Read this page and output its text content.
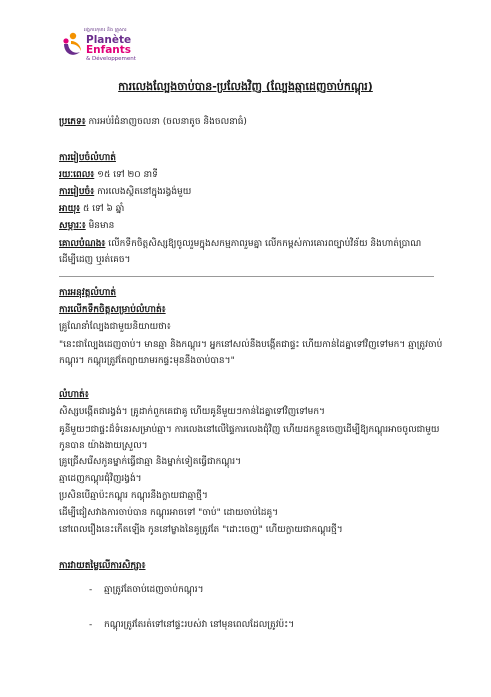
អង្គការកុមារ និង គ្រួសារ
Planète
Enfants
& Développement
ការលេងល្បែងចាប់បាន-ប្រលែងវិញ (ល្បែងឆ្មាដេញចាប់កណ្ដុរ)
ប្រភេទ៖ ការអប់រំជំនាញចលនា (ចលនាតូច និងចលនាធំ)
ការរៀបចំលំហាត់
រយៈពេល៖ ១៥ ទៅ ២០ នាទី
ការរៀបចំ៖ ការលេងស្ថិតនៅក្នុងរង្វង់មួយ
អាយុ៖ ៥ ទៅ ៦ ឆ្នាំ
សម្ភារៈ៖ មិនមាន
គោលបំណង៖ លើកទឹកចិត្តសិស្សឱ្យចូលរួមក្នុងសកម្មភាពរួមគ្នា លើកកម្ពស់ការគោរពច្បាប់វិន័យ និងហាត់ប្រាណដើម្បីដេញ ឬរត់គេច។
ការអនុវត្តលំហាត់
ការលើកទឹកចិត្តសម្រាប់លំហាត់៖
គ្រូណែនាំល្បែងជាមួយនិយាយថា៖
"នេះជាល្បែងដេញចាប់។ មានឆ្មា និងកណ្ដុរ។ អ្នកនៅសល់នឹងបង្កើតជាផ្ទះ ហើយកាន់ដៃគ្នាទៅវិញទៅមក។ ឆ្មាត្រូវចាប់កណ្ដុរ។ កណ្ដុរត្រូវតែព្យាយាមរកផ្ទះមុននឹងចាប់បាន។"
លំហាត់៖
សិស្សបង្កើតជារង្វង់។ គ្រូដាក់ពួកគេជាគូ ហើយគូនីមួយៗកាន់ដៃគ្នាទៅវិញទៅមក។
គូនីមួយៗជាផ្ទះដ៏ទំនេរសម្រាប់ឆ្មា។ ការលេងនៅលើផ្ទៃការលេងជុំវិញ ហើយដកខ្លួនចេញដើម្បីឱ្យកណ្ដុរអាចចូលជាមួយកូនបាន យ៉ាងងាយស្រួល។
គ្រូជ្រើសរើសកូនម្នាក់ធ្វើជាឆ្មា និងម្នាក់ទៀតធ្វើជាកណ្ដុរ។
ឆ្មាដេញកណ្ដុរជុំវិញរង្វង់។
ប្រសិនបើឆ្មាប៉ះកណ្ដុរ កណ្ដុរនឹងក្លាយជាឆ្មាថ្មី។
ដើម្បីជៀសវាងការចាប់បាន កណ្ដុរអាចទៅ "ចាប់" ដោយចាប់ដៃគូ។
នៅពេលរឿងនេះកើតឡើង កូននៅម្ខាងនៃគូត្រូវតែ "ដោះចេញ" ហើយក្លាយជាកណ្ដុរថ្មី។
ការវាយតម្លៃលើការសិក្សា៖
- ឆ្មាត្រូវតែចាប់ដេញចាប់កណ្ដុរ។
- កណ្ដុរត្រូវតែរត់ទៅនៅផ្ទះរបស់វា នៅមុនពេលដែលត្រូវប៉ះ។
